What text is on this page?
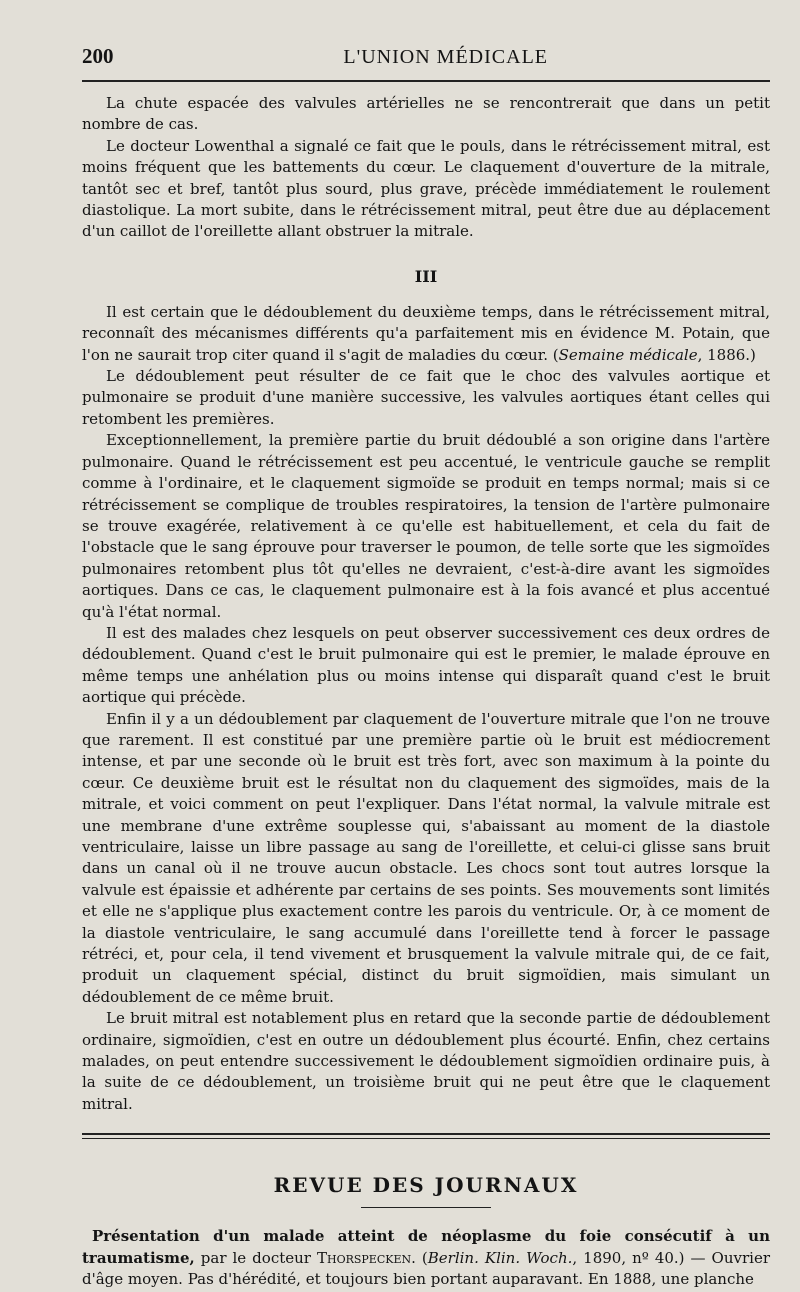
200	L'UNION MÉDICALE

La chute espacée des valvules artérielles ne se rencontrerait que dans un petit nombre de cas.

Le docteur Lowenthal a signalé ce fait que le pouls, dans le rétrécissement mitral, est moins fréquent que les battements du cœur. Le claquement d'ouverture de la mitrale, tantôt sec et bref, tantôt plus sourd, plus grave, précède immédiatement le roulement diastolique. La mort subite, dans le rétrécissement mitral, peut être due au déplacement d'un caillot de l'oreillette allant obstruer la mitrale.

III

Il est certain que le dédoublement du deuxième temps, dans le rétrécissement mitral, reconnaît des mécanismes différents qu'a parfaitement mis en évidence M. Potain, que l'on ne saurait trop citer quand il s'agit de maladies du cœur. (Semaine médicale, 1886.)

Le dédoublement peut résulter de ce fait que le choc des valvules aortique et pulmonaire se produit d'une manière successive, les valvules aortiques étant celles qui retombent les premières.

Exceptionnellement, la première partie du bruit dédoublé a son origine dans l'artère pulmonaire. Quand le rétrécissement est peu accentué, le ventricule gauche se remplit comme à l'ordinaire, et le claquement sigmoïde se produit en temps normal; mais si ce rétrécissement se complique de troubles respiratoires, la tension de l'artère pulmonaire se trouve exagérée, relativement à ce qu'elle est habituellement, et cela du fait de l'obstacle que le sang éprouve pour traverser le poumon, de telle sorte que les sigmoïdes pulmonaires retombent plus tôt qu'elles ne devraient, c'est-à-dire avant les sigmoïdes aortiques. Dans ce cas, le claquement pulmonaire est à la fois avancé et plus accentué qu'à l'état normal.

Il est des malades chez lesquels on peut observer successivement ces deux ordres de dédoublement. Quand c'est le bruit pulmonaire qui est le premier, le malade éprouve en même temps une anhélation plus ou moins intense qui disparaît quand c'est le bruit aortique qui précède.

Enfin il y a un dédoublement par claquement de l'ouverture mitrale que l'on ne trouve que rarement. Il est constitué par une première partie où le bruit est médiocrement intense, et par une seconde où le bruit est très fort, avec son maximum à la pointe du cœur. Ce deuxième bruit est le résultat non du claquement des sigmoïdes, mais de la mitrale, et voici comment on peut l'expliquer. Dans l'état normal, la valvule mitrale est une membrane d'une extrême souplesse qui, s'abaissant au moment de la diastole ventriculaire, laisse un libre passage au sang de l'oreillette, et celui-ci glisse sans bruit dans un canal où il ne trouve aucun obstacle. Les chocs sont tout autres lorsque la valvule est épaissie et adhérente par certains de ses points. Ses mouvements sont limités et elle ne s'applique plus exactement contre les parois du ventricule. Or, à ce moment de la diastole ventriculaire, le sang accumulé dans l'oreillette tend à forcer le passage rétréci, et, pour cela, il tend vivement et brusquement la valvule mitrale qui, de ce fait, produit un claquement spécial, distinct du bruit sigmoïdien, mais simulant un dédoublement de ce même bruit.

Le bruit mitral est notablement plus en retard que la seconde partie de dédoublement ordinaire, sigmoïdien, c'est en outre un dédoublement plus écourté. Enfin, chez certains malades, on peut entendre successivement le dédoublement sigmoïdien ordinaire puis, à la suite de ce dédoublement, un troisième bruit qui ne peut être que le claquement mitral.

REVUE DES JOURNAUX

Présentation d'un malade atteint de néoplasme du foie consécutif à un traumatisme, par le docteur Thorspecken. (Berlin. Klin. Woch., 1890, nº 40.) — Ouvrier d'âge moyen. Pas d'hérédité, et toujours bien portant auparavant. En 1888, une planche
